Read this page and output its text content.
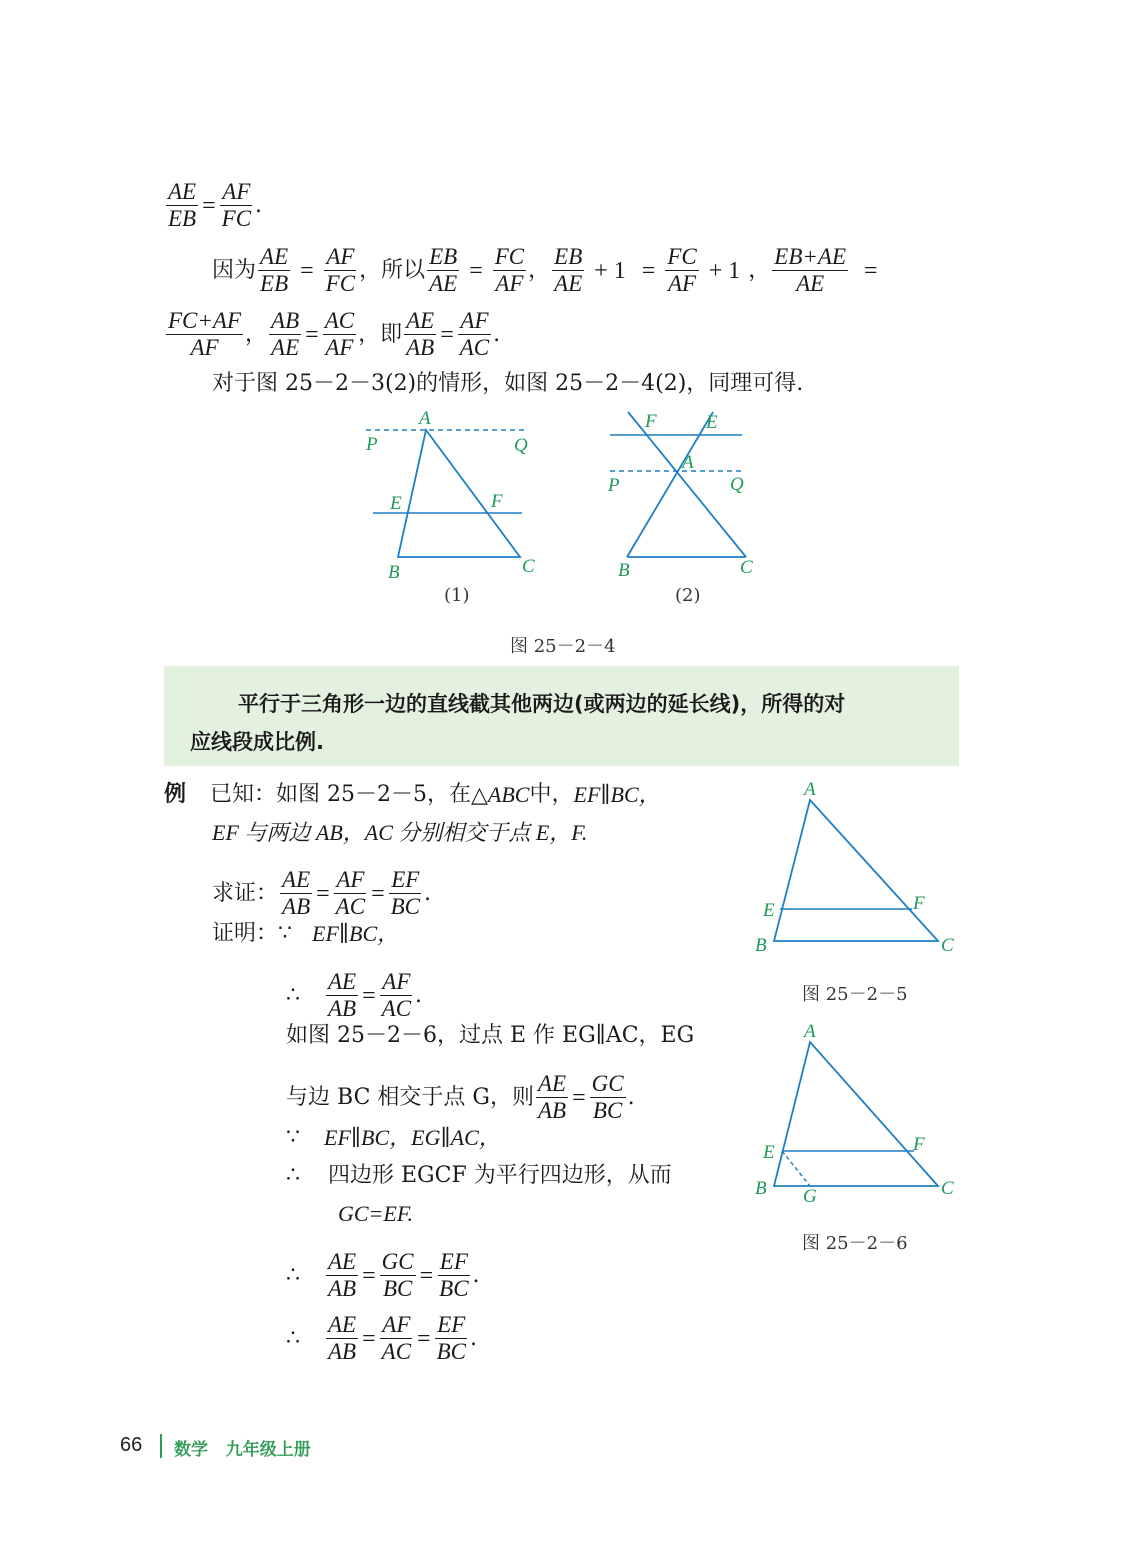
$\frac{AE}{EB} = \frac{AF}{FC}$ .
因为 $\frac{AE}{EB} = \frac{AF}{FC}$ ，所以 $\frac{EB}{AE} = \frac{FC}{AF}$ ， $\frac{EB}{AE} + 1 = \frac{FC}{AF} + 1$ ， $\frac{EB+AE}{AE}$ =
$\frac{FC+AF}{AF}$ ， $\frac{AB}{AE} = \frac{AC}{AF}$ ，即 $\frac{AE}{AB} = \frac{AF}{AC}$ .
对于图 25－2－3(2)的情形，如图 25－2－4(2)，同理可得.
A
P	Q
E	F
B	C
(1)
F	E
A
P	Q
B	C
(2)
图 25－2－4
平行于三角形一边的直线截其他两边(或两边的延长线)，所得的对
应线段成比例.
例 已知：如图 25－2－5，在 △ABC 中， EF∥BC，
EF 与两边 AB，AC 分别相交于点 E，F.
求证： $\frac{AE}{AB} = \frac{AF}{AC} = \frac{EF}{BC}$ .
证明： ∵ EF∥BC，
∴ $\frac{AE}{AB} = \frac{AF}{AC}$ .
如图 25－2－6，过点 E 作 EG∥AC，EG
与边 BC 相交于点 G，则 $\frac{AE}{AB} = \frac{GC}{BC}$ .
∵ EF∥BC，EG∥AC，
∴ 四边形 EGCF 为平行四边形，从而
GC=EF.
∴ $\frac{AE}{AB} = \frac{GC}{BC} = \frac{EF}{BC}$ .
∴ $\frac{AE}{AB} = \frac{AF}{AC} = \frac{EF}{BC}$ .
A
E	F
B	C
图 25－2－5
A
E	F
B G	C
图 25－2－6
66 数学   九年级上册
